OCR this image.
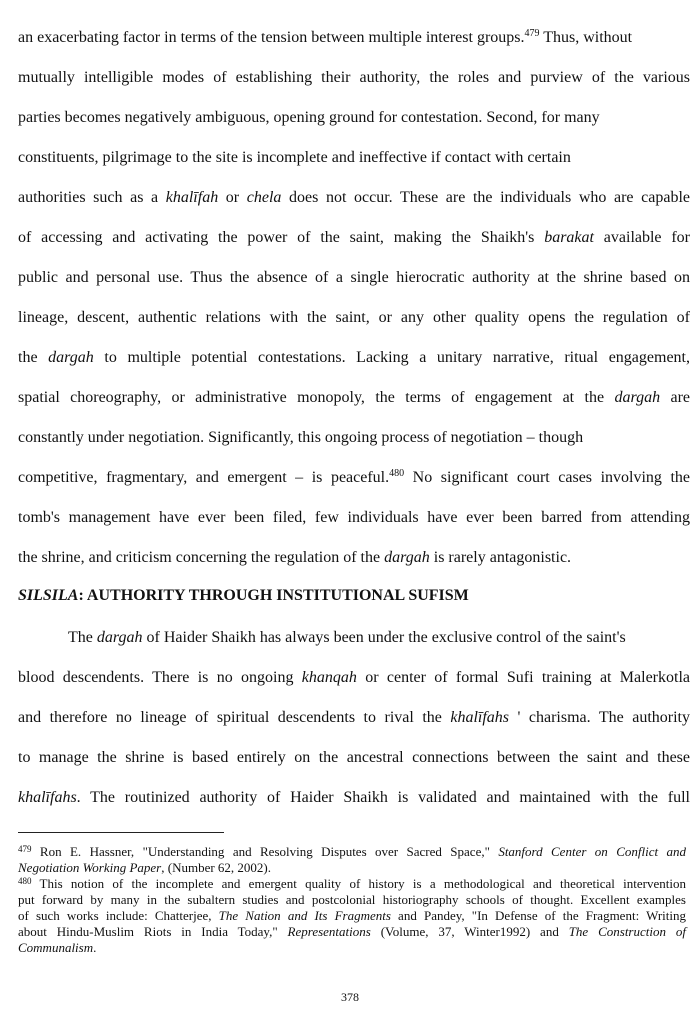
an exacerbating factor in terms of the tension between multiple interest groups.$^{479}$ Thus, without
mutually intelligible modes of establishing their authority, the roles and purview of the various
parties becomes negatively ambiguous, opening ground for contestation. Second, for many
constituents, pilgrimage to the site is incomplete and ineffective if contact with certain
authorities such as a khalīfah or chela does not occur. These are the individuals who are capable
of accessing and activating the power of the saint, making the Shaikh's barakat available for
public and personal use. Thus the absence of a single hierocratic authority at the shrine based on
lineage, descent, authentic relations with the saint, or any other quality opens the regulation of
the dargah to multiple potential contestations. Lacking a unitary narrative, ritual engagement,
spatial choreography, or administrative monopoly, the terms of engagement at the dargah are
constantly under negotiation. Significantly, this ongoing process of negotiation – though
competitive, fragmentary, and emergent – is peaceful.$^{480}$ No significant court cases involving the
tomb's management have ever been filed, few individuals have ever been barred from attending
the shrine, and criticism concerning the regulation of the dargah is rarely antagonistic.
SILSILA: AUTHORITY THROUGH INSTITUTIONAL SUFISM
The dargah of Haider Shaikh has always been under the exclusive control of the saint's
blood descendents. There is no ongoing khanqah or center of formal Sufi training at Malerkotla
and therefore no lineage of spiritual descendents to rival the khalīfahs ' charisma. The authority
to manage the shrine is based entirely on the ancestral connections between the saint and these
khalīfahs. The routinized authority of Haider Shaikh is validated and maintained with the full
$^{479}$ Ron E. Hassner, "Understanding and Resolving Disputes over Sacred Space," Stanford Center on Conflict and
Negotiation Working Paper, (Number 62, 2002).
$^{480}$ This notion of the incomplete and emergent quality of history is a methodological and theoretical intervention
put forward by many in the subaltern studies and postcolonial historiography schools of thought. Excellent examples
of such works include: Chatterjee, The Nation and Its Fragments and Pandey, "In Defense of the Fragment: Writing
about Hindu-Muslim Riots in India Today," Representations (Volume, 37, Winter1992) and The Construction of
Communalism.
378
